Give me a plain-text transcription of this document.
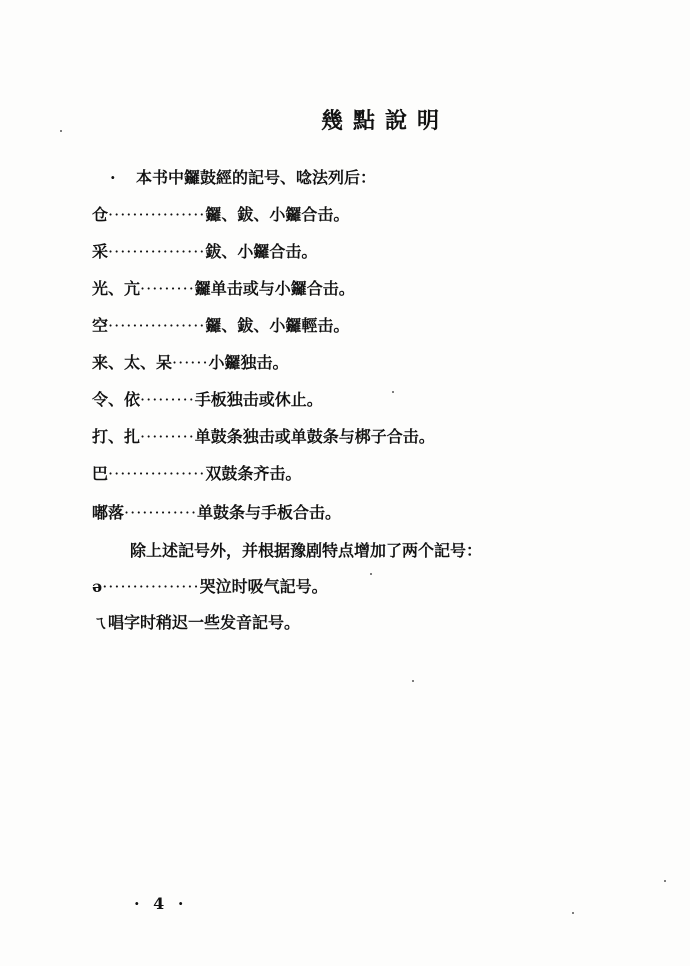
幾點說明
· 本书中鑼鼓經的記号、唸法列后：
仓················鑼、鈸、小鑼合击。
采················鈸、小鑼合击。
光、亢·········鑼单击或与小鑼合击。
空················鑼、鈸、小鑼輕击。
来、太、呆······小鑼独击。
令、依·········手板独击或休止。
打、扎·········单鼓条独击或单鼓条与梆子合击。
巴················双鼓条齐击。
嘟落············单鼓条与手板合击。
除上述記号外，并根据豫剧特点增加了两个記号：
ə················哭泣时吸气記号。
ㄟ唱字时稍迟一些发音記号。
· 4 ·
